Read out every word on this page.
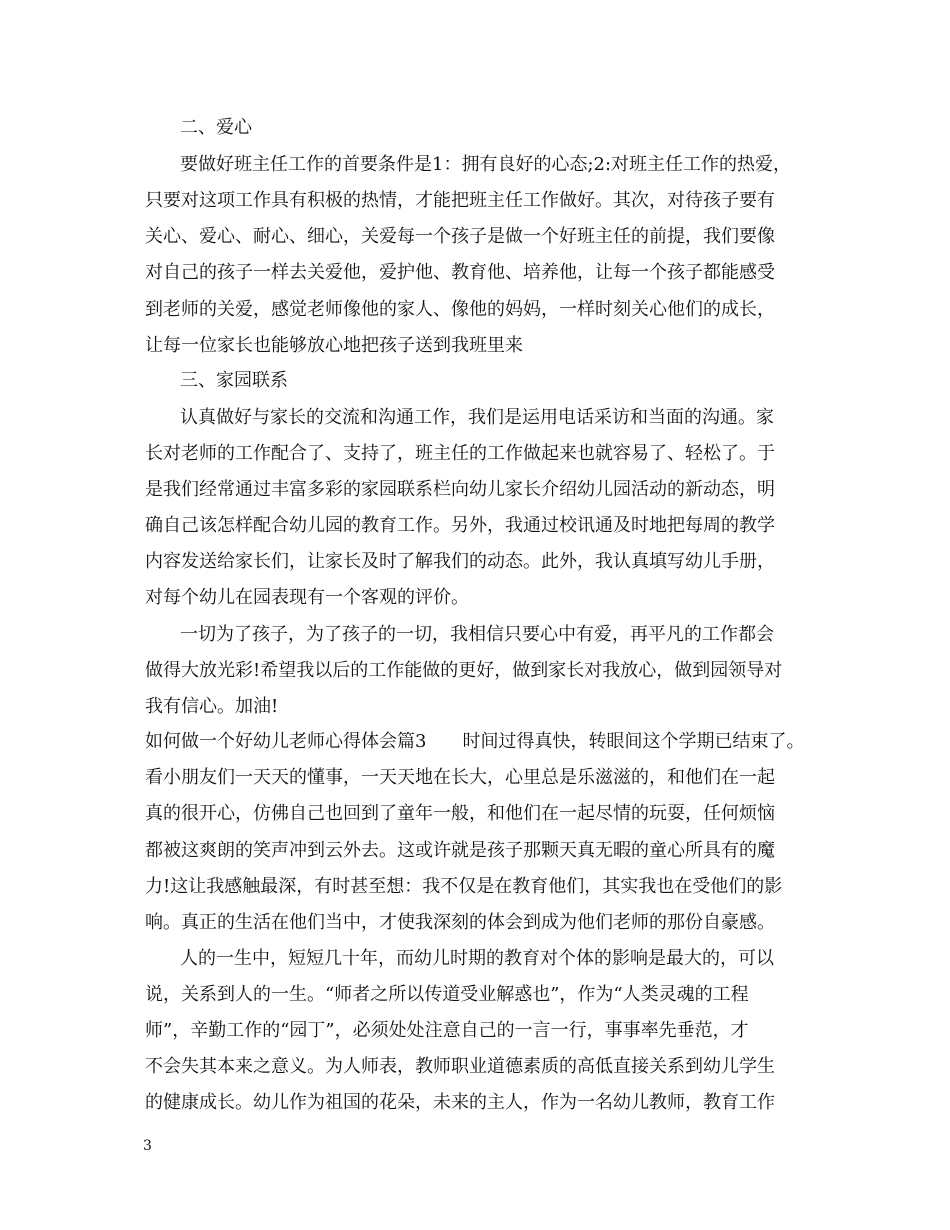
二、爱心
要做好班主任工作的首要条件是1：拥有良好的心态;2:对班主任工作的热爱，
只要对这项工作具有积极的热情，才能把班主任工作做好。其次，对待孩子要有
关心、爱心、耐心、细心，关爱每一个孩子是做一个好班主任的前提，我们要像
对自己的孩子一样去关爱他，爱护他、教育他、培养他，让每一个孩子都能感受
到老师的关爱，感觉老师像他的家人、像他的妈妈，一样时刻关心他们的成长，
让每一位家长也能够放心地把孩子送到我班里来
三、家园联系
认真做好与家长的交流和沟通工作，我们是运用电话采访和当面的沟通。家
长对老师的工作配合了、支持了，班主任的工作做起来也就容易了、轻松了。于
是我们经常通过丰富多彩的家园联系栏向幼儿家长介绍幼儿园活动的新动态，明
确自己该怎样配合幼儿园的教育工作。另外，我通过校讯通及时地把每周的教学
内容发送给家长们，让家长及时了解我们的动态。此外，我认真填写幼儿手册，
对每个幼儿在园表现有一个客观的评价。
一切为了孩子，为了孩子的一切，我相信只要心中有爱，再平凡的工作都会
做得大放光彩!希望我以后的工作能做的更好，做到家长对我放心，做到园领导对
我有信心。加油!
如何做一个好幼儿老师心得体会篇3　　时间过得真快，转眼间这个学期已结束了。
看小朋友们一天天的懂事，一天天地在长大，心里总是乐滋滋的，和他们在一起
真的很开心，仿佛自己也回到了童年一般，和他们在一起尽情的玩耍，任何烦恼
都被这爽朗的笑声冲到云外去。这或许就是孩子那颗天真无暇的童心所具有的魔
力!这让我感触最深，有时甚至想：我不仅是在教育他们，其实我也在受他们的影
响。真正的生活在他们当中，才使我深刻的体会到成为他们老师的那份自豪感。
人的一生中，短短几十年，而幼儿时期的教育对个体的影响是最大的，可以
说，关系到人的一生。“师者之所以传道受业解惑也”，作为“人类灵魂的工程
师”，辛勤工作的“园丁”，必须处处注意自己的一言一行，事事率先垂范，才
不会失其本来之意义。为人师表，教师职业道德素质的高低直接关系到幼儿学生
的健康成长。幼儿作为祖国的花朵，未来的主人，作为一名幼儿教师，教育工作
3
